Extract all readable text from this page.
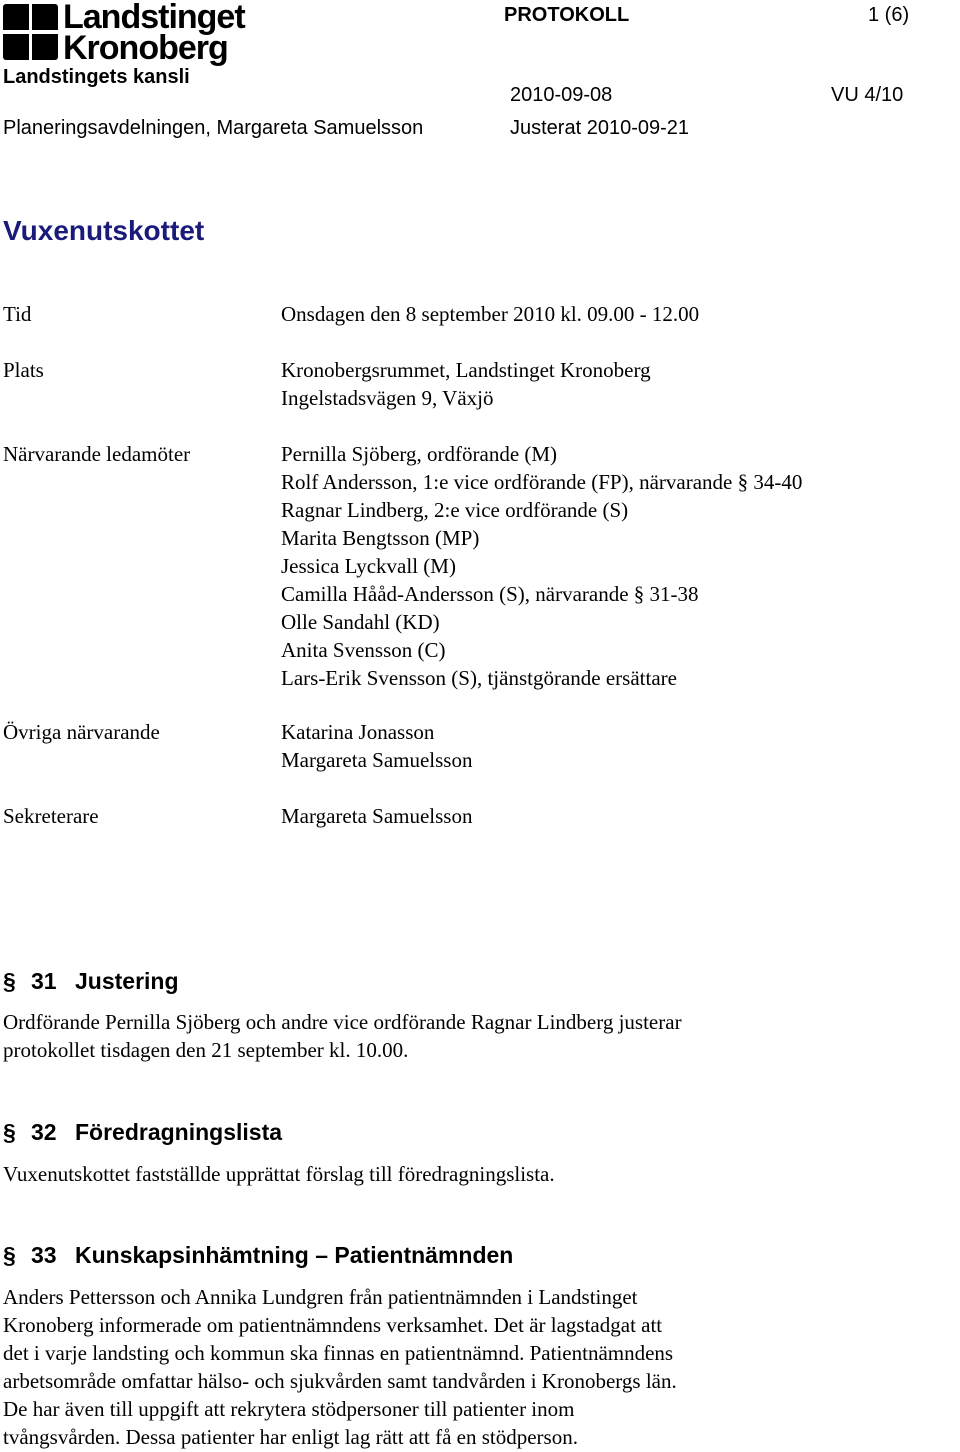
Landstinget
Kronoberg
PROTOKOLL	1 (6)
Landstingets kansli
2010-09-08	VU 4/10
Planeringsavdelningen, Margareta Samuelsson	Justerat 2010-09-21
Vuxenutskottet
Tid	Onsdagen den 8 september 2010 kl. 09.00 - 12.00
Plats	Kronobergsrummet, Landstinget Kronoberg
Ingelstadsvägen 9, Växjö
Närvarande ledamöter	Pernilla Sjöberg, ordförande (M)
Rolf Andersson, 1:e vice ordförande (FP), närvarande § 34-40
Ragnar Lindberg, 2:e vice ordförande (S)
Marita Bengtsson (MP)
Jessica Lyckvall (M)
Camilla Hååd-Andersson (S), närvarande § 31-38
Olle Sandahl (KD)
Anita Svensson (C)
Lars-Erik Svensson (S), tjänstgörande ersättare
Övriga närvarande	Katarina Jonasson
Margareta Samuelsson
Sekreterare	Margareta Samuelsson
§ 31 Justering
Ordförande Pernilla Sjöberg och andre vice ordförande Ragnar Lindberg justerar
protokollet tisdagen den 21 september kl. 10.00.
§ 32 Föredragningslista
Vuxenutskottet fastställde upprättat förslag till föredragningslista.
§ 33 Kunskapsinhämtning – Patientnämnden
Anders Pettersson och Annika Lundgren från patientnämnden i Landstinget
Kronoberg informerade om patientnämndens verksamhet. Det är lagstadgat att
det i varje landsting och kommun ska finnas en patientnämnd. Patientnämndens
arbetsområde omfattar hälso- och sjukvården samt tandvården i Kronobergs län.
De har även till uppgift att rekrytera stödpersoner till patienter inom
tvångsvården. Dessa patienter har enligt lag rätt att få en stödperson.
